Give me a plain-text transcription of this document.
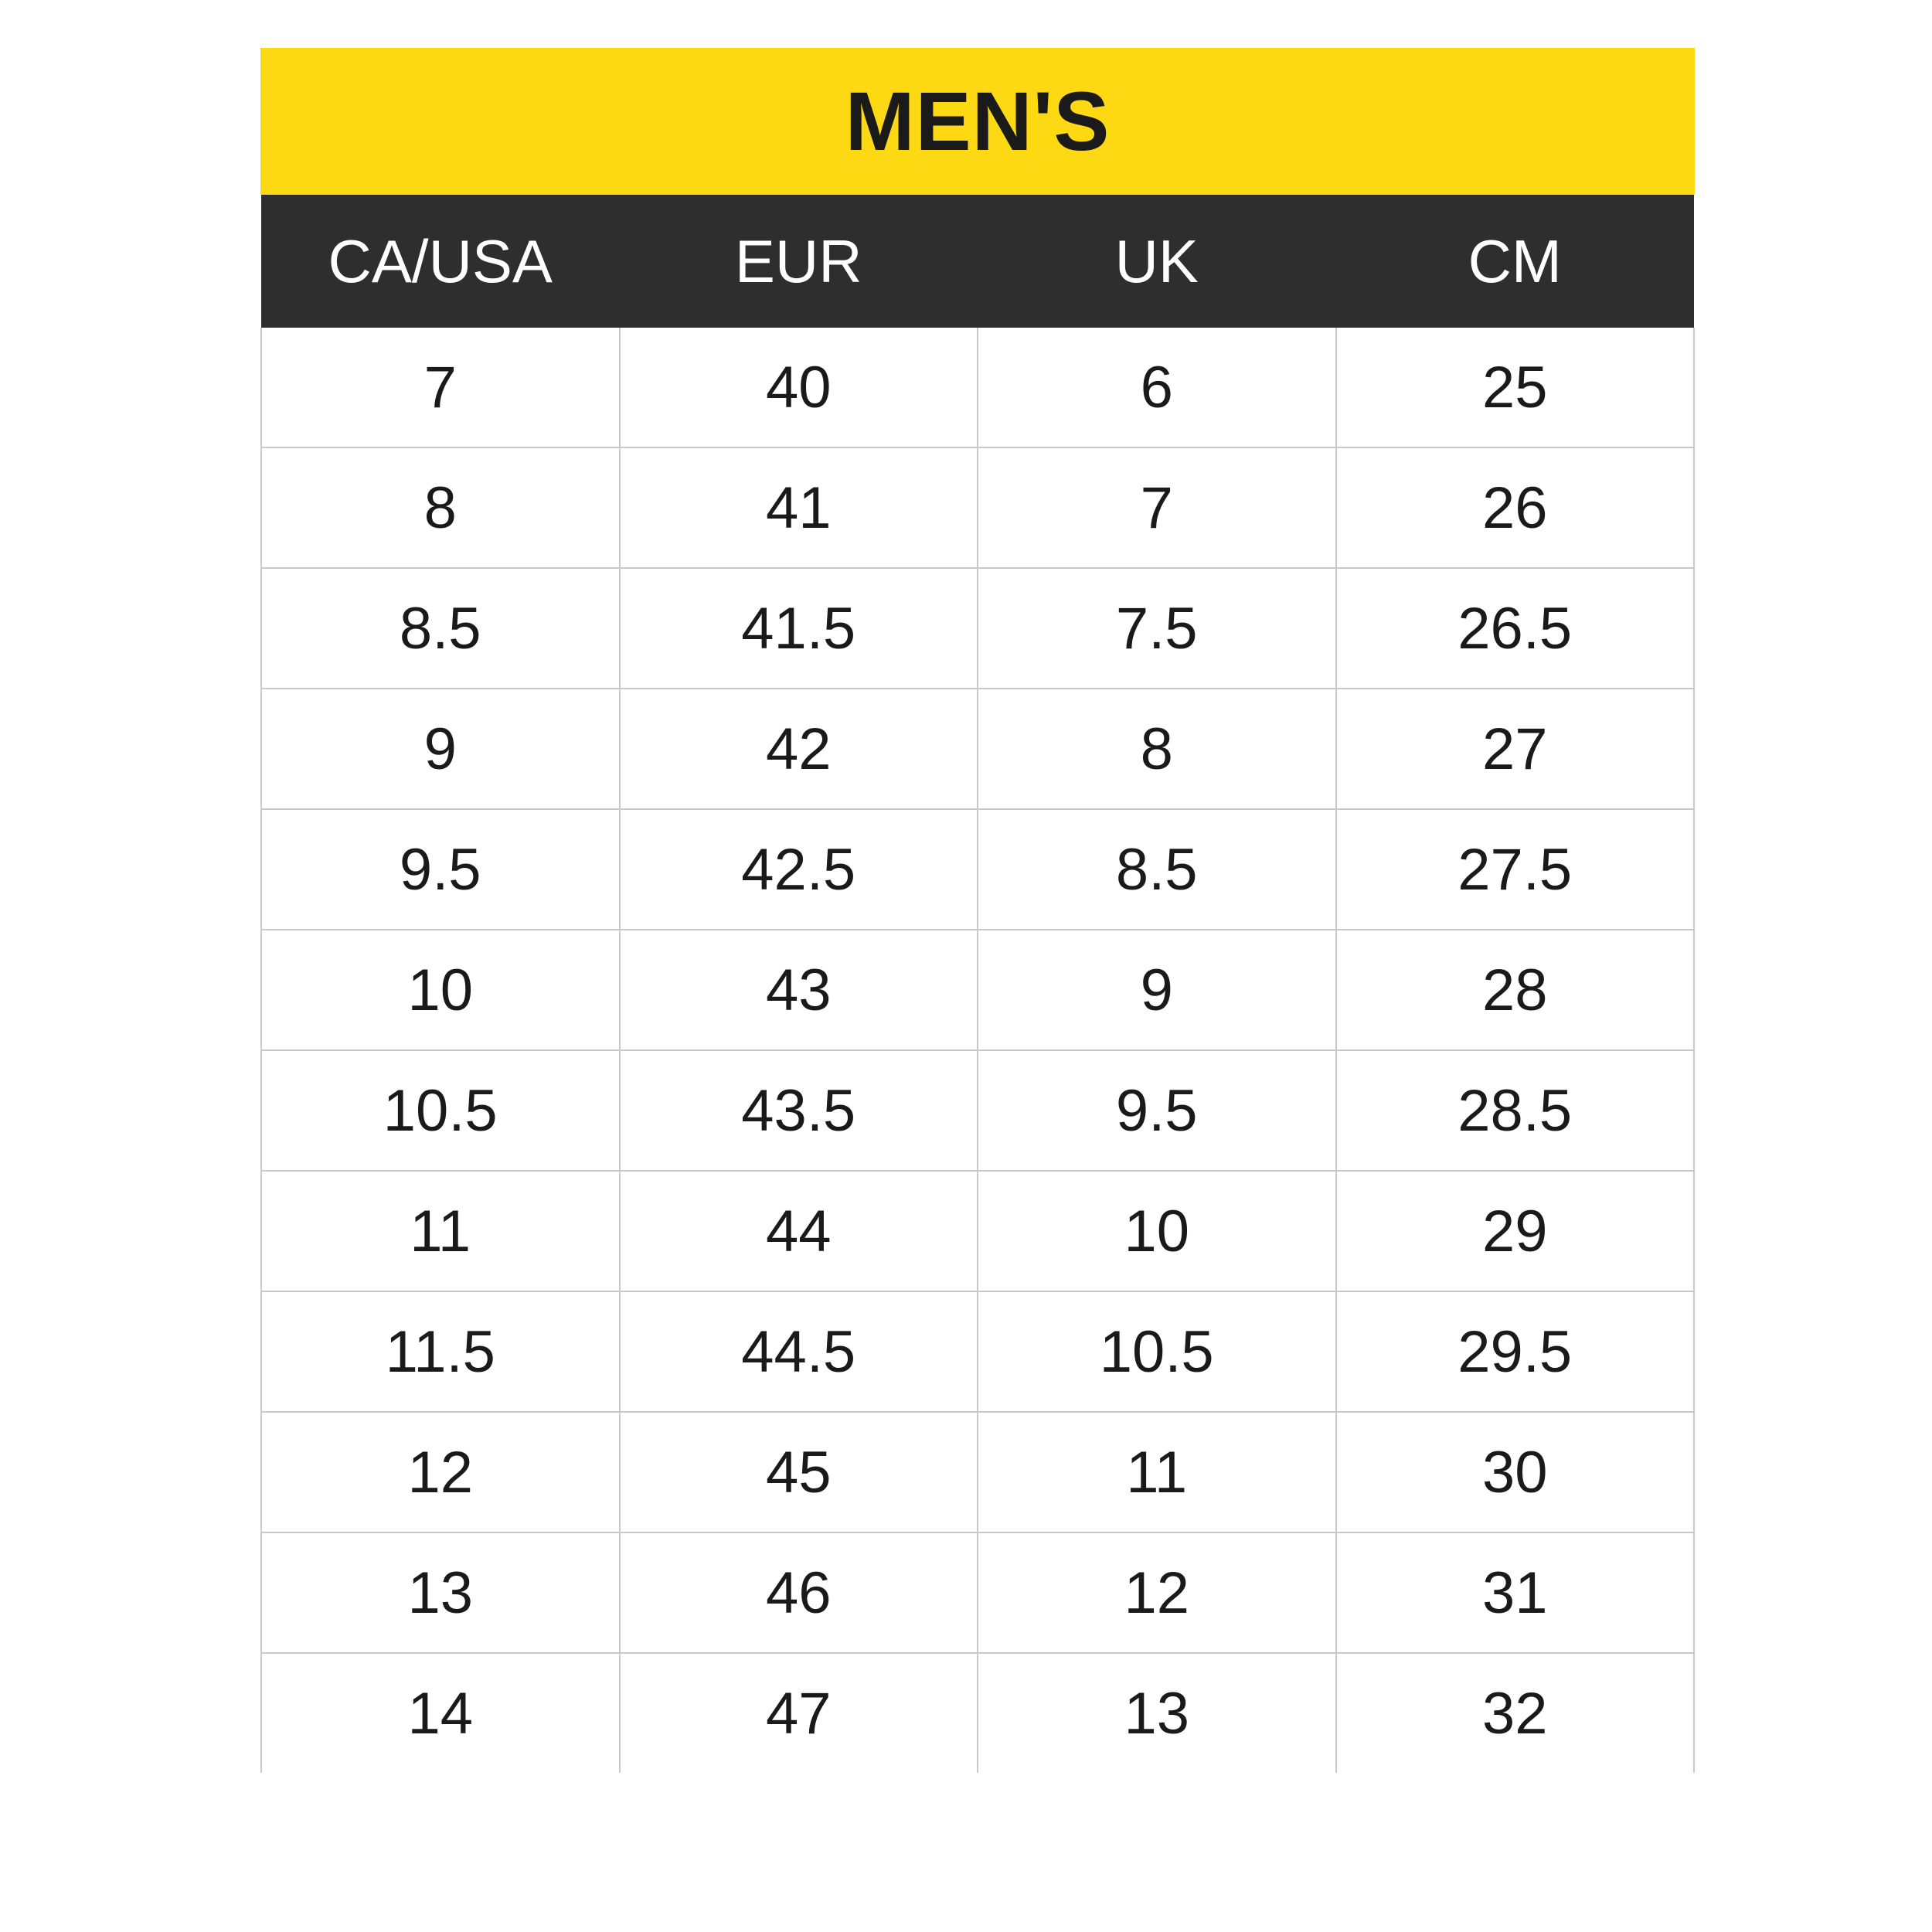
MEN'S
CA/USA	EUR	UK	CM
7	40	6	25
8	41	7	26
8.5	41.5	7.5	26.5
9	42	8	27
9.5	42.5	8.5	27.5
10	43	9	28
10.5	43.5	9.5	28.5
11	44	10	29
11.5	44.5	10.5	29.5
12	45	11	30
13	46	12	31
14	47	13	32
